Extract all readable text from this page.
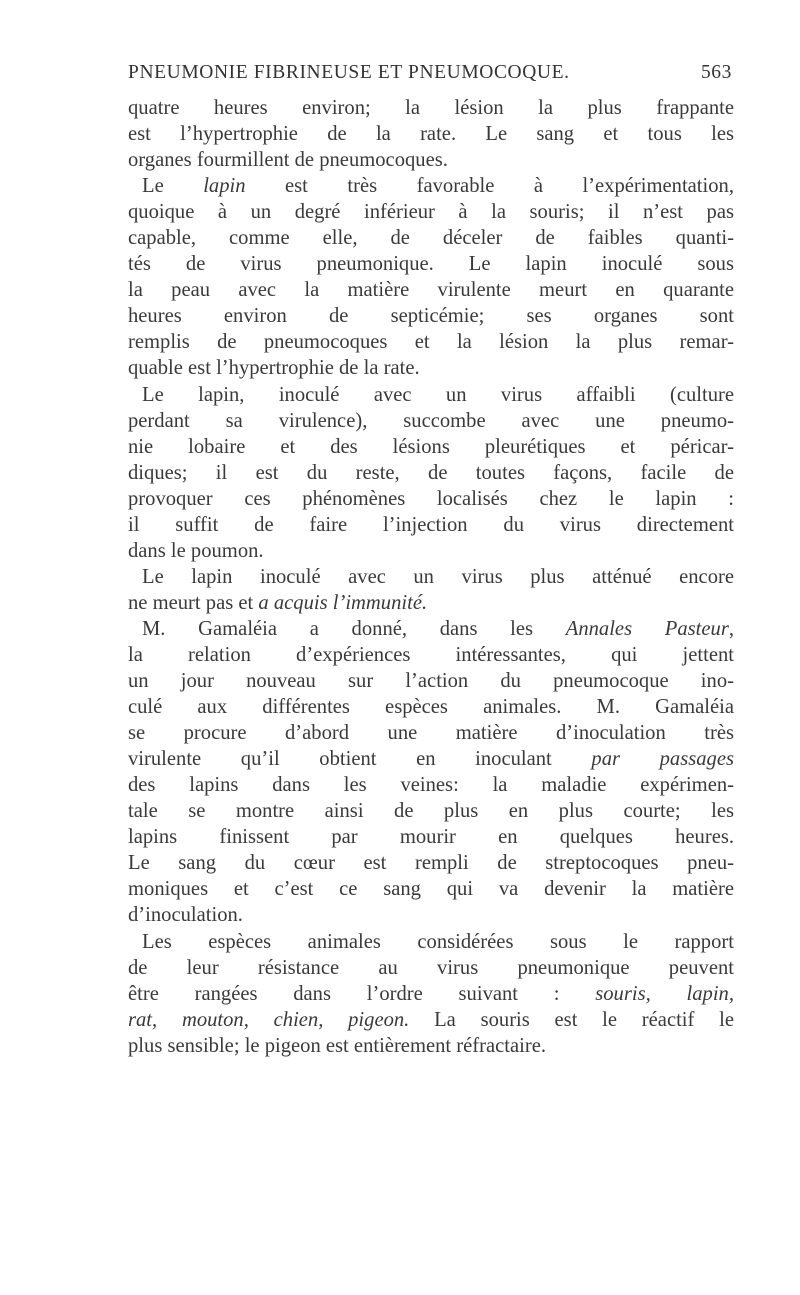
PNEUMONIE FIBRINEUSE ET PNEUMOCOQUE.	563
quatre heures environ; la lésion la plus frappante
est l’hypertrophie de la rate. Le sang et tous les
organes fourmillent de pneumocoques.
Le lapin est très favorable à l’expérimentation,
quoique à un degré inférieur à la souris; il n’est pas
capable, comme elle, de déceler de faibles quanti-
tés de virus pneumonique. Le lapin inoculé sous
la peau avec la matière virulente meurt en quarante
heures environ de septicémie; ses organes sont
remplis de pneumocoques et la lésion la plus remar-
quable est l’hypertrophie de la rate.
Le lapin, inoculé avec un virus affaibli (culture
perdant sa virulence), succombe avec une pneumo-
nie lobaire et des lésions pleurétiques et péricar-
diques; il est du reste, de toutes façons, facile de
provoquer ces phénomènes localisés chez le lapin :
il suffit de faire l’injection du virus directement
dans le poumon.
Le lapin inoculé avec un virus plus atténué encore
ne meurt pas et a acquis l’immunité.
M. Gamaléia a donné, dans les Annales Pasteur,
la relation d’expériences intéressantes, qui jettent
un jour nouveau sur l’action du pneumocoque ino-
culé aux différentes espèces animales. M. Gamaléia
se procure d’abord une matière d’inoculation très
virulente qu’il obtient en inoculant par passages
des lapins dans les veines: la maladie expérimen-
tale se montre ainsi de plus en plus courte; les
lapins finissent par mourir en quelques heures.
Le sang du cœur est rempli de streptocoques pneu-
moniques et c’est ce sang qui va devenir la matière
d’inoculation.
Les espèces animales considérées sous le rapport
de leur résistance au virus pneumonique peuvent
être rangées dans l’ordre suivant : souris, lapin,
rat, mouton, chien, pigeon. La souris est le réactif le
plus sensible; le pigeon est entièrement réfractaire.
